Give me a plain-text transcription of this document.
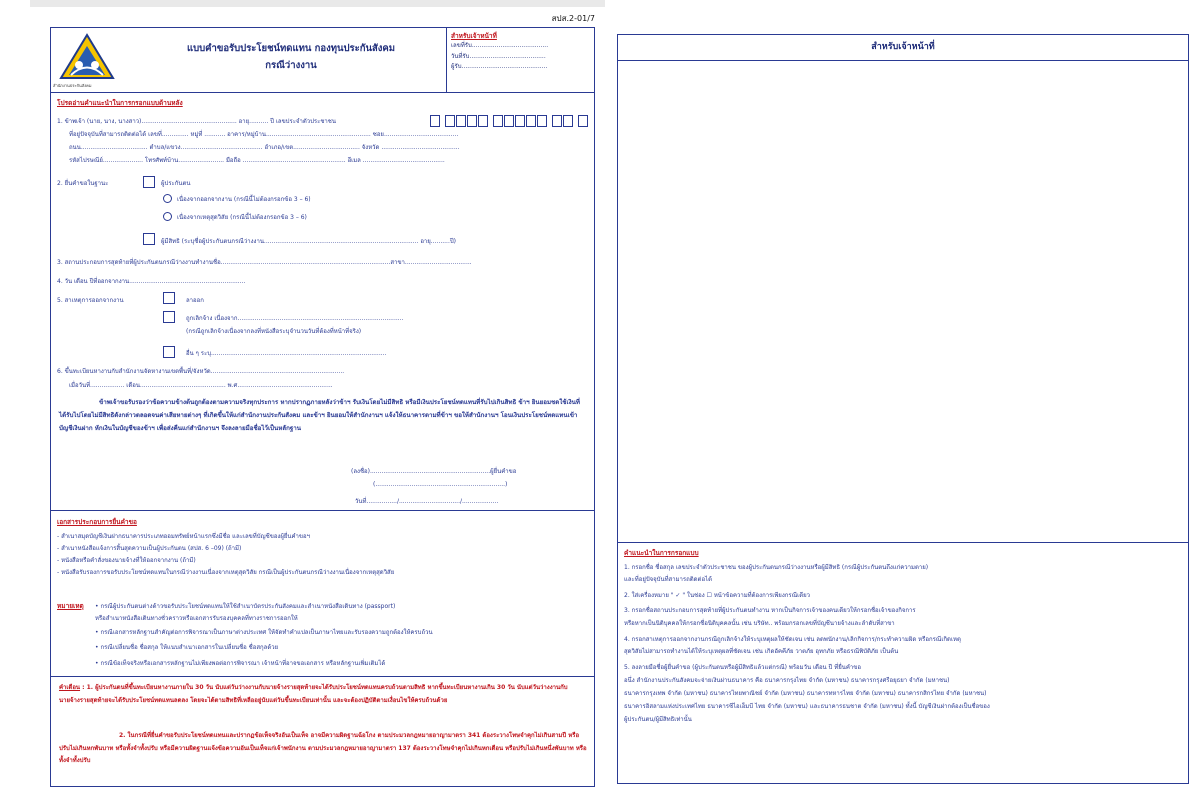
สปส.2-01/7
สำนักงานประกันสังคม
แบบคำขอรับประโยชน์ทดแทน กองทุนประกันสังคม
กรณีว่างงาน
สำหรับเจ้าหน้าที่
เลขที่รับ........................................
วันที่รับ........................................
ผู้รับ.............................................
โปรดอ่านคำแนะนำในการกรอกแบบด้านหลัง
1. ข้าพเจ้า (นาย, นาง, นางสาว).................................................. อายุ.......... ปี เลขประจำตัวประชาชน
ที่อยู่ปัจจุบันที่สามารถติดต่อได้ เลขที่.............. หมู่ที่ ........... อาคาร/หมู่บ้าน....................................................... ซอย.......................................
ถนน................................... ตำบล/แขวง........................................... อำเภอ/เขต................................... จังหวัด .........................................
รหัสไปรษณีย์..................... โทรศัพท์บ้าน........................ มือถือ ...................................................... อีเมล ...........................................
2. ยื่นคำขอในฐานะ	ผู้ประกันตน
เนื่องจากออกจากงาน (กรณีนี้ไม่ต้องกรอกข้อ 3 – 6)
เนื่องจากเหตุสุดวิสัย (กรณีนี้ไม่ต้องกรอกข้อ 3 – 6)
ผู้มีสิทธิ (ระบุชื่อผู้ประกันตนกรณีว่างงาน................................................................................. อายุ..........ปี)
3. สถานประกอบการสุดท้ายที่ผู้ประกันตนกรณีว่างงานทำงานชื่อ.........................................................................................สาขา...................................
4. วัน เดือน ปีที่ออกจากงาน.............................................................
5. สาเหตุการออกจากงาน	ลาออก
ถูกเลิกจ้าง เนื่องจาก.......................................................................................
(กรณีถูกเลิกจ้างเนื่องจากลงที่หนังสือระบุจำนวนวันที่ต้องที่หน้าที่จริง)
อื่น ๆ ระบุ............................................................................................
6. ขึ้นทะเบียนหางานกับสำนักงานจัดหางานเขตพื้นที่/จังหวัด......................................................................
เมื่อวันที่.................. เดือน............................................. พ.ศ..................................................
ข้าพเจ้าขอรับรองว่าข้อความข้างต้นถูกต้องตามความจริงทุกประการ หากปรากฏภายหลังว่าข้าฯ รับเงินโดยไม่มีสิทธิ หรือมีเงินประโยชน์ทดแทนที่รับไปเกินสิทธิ ข้าฯ ยินยอมชดใช้เงินที่ได้รับไปโดยไม่มีสิทธิดังกล่าวตลอดจนค่าเสียหายต่างๆ ที่เกิดขึ้นให้แก่สำนักงานประกันสังคม และข้าฯ ยินยอมให้สำนักงานฯ แจ้งให้ธนาคารตามที่ข้าฯ ขอให้สำนักงานฯ โอนเงินประโยชน์ทดแทนเข้าบัญชีเงินฝาก หักเงินในบัญชีของข้าฯ เพื่อส่งคืนแก่สำนักงานฯ จึงลงลายมือชื่อไว้เป็นหลักฐาน
(ลงชื่อ)...............................................................ผู้ยื่นคำขอ
(....................................................................)
วันที่................/................................/...................
เอกสารประกอบการยื่นคำขอ
- สำเนาสมุดบัญชีเงินฝากธนาคารประเภทออมทรัพย์หน้าแรกซึ่งมีชื่อ และเลขที่บัญชีของผู้ยื่นคำขอฯ
- สำเนาหนังสือแจ้งการสิ้นสุดความเป็นผู้ประกันตน (สปส. 6 –09) (ถ้ามี)
- หนังสือหรือคำสั่งของนายจ้างที่ให้ออกจากงาน (ถ้ามี)
- หนังสือรับรองการขอรับประโยชน์ทดแทนในกรณีว่างงานเนื่องจากเหตุสุดวิสัย กรณีเป็นผู้ประกันตนกรณีว่างงานเนื่องจากเหตุสุดวิสัย
หมายเหตุ • กรณีผู้ประกันตนต่างด้าวขอรับประโยชน์ทดแทนให้ใช้สำเนาบัตรประกันสังคมและสำเนาหนังสือเดินทาง (passport)
หรือสำเนาหนังสือเดินทางชั่วคราวหรือเอกสารรับรองบุคคลที่ทางราชการออกให้
• กรณีเอกสารหลักฐานสำคัญต่อการพิจารณาเป็นภาษาต่างประเทศ ให้จัดทำคำแปลเป็นภาษาไทยและรับรองความถูกต้องให้ครบถ้วน
• กรณีเปลี่ยนชื่อ ชื่อสกุล ให้แนบสำเนาเอกสารในเปลี่ยนชื่อ ชื่อสกุลด้วย
• กรณีข้อเท็จจริงหรือเอกสารหลักฐานไม่เพียงพอต่อการพิจารณา เจ้าหน้าที่อาจขอเอกสาร หรือหลักฐานเพิ่มเติมได้
คำเตือน : 1. ผู้ประกันตนที่ขึ้นทะเบียนหางานภายใน 30 วัน นับแต่วันว่างงานกับนายจ้างรายสุดท้ายจะได้รับประโยชน์ทดแทนครบถ้วนตามสิทธิ หากขึ้นทะเบียนหางานเกิน 30 วัน นับแต่วันว่างงานกับนายจ้างรายสุดท้ายจะได้รับประโยชน์ทดแทนลดลง โดยจะได้ตามสิทธิที่เหลืออยู่นับแต่วันขึ้นทะเบียนเท่านั้น และจะต้องปฏิบัติตามเงื่อนไขให้ครบถ้วนด้วย
2. ในกรณีที่ยื่นคำขอรับประโยชน์ทดแทนและปรากฏข้อเท็จจริงอันเป็นเท็จ อาจมีความผิดฐานฉ้อโกง ตามประมวลกฎหมายอาญามาตรา 341 ต้องระวางโทษจำคุกไม่เกินสามปี หรือปรับไม่เกินหกพันบาท หรือทั้งจำทั้งปรับ หรือมีความผิดฐานแจ้งข้อความอันเป็นเท็จแก่เจ้าพนักงาน ตามประมวลกฎหมายอาญามาตรา 137 ต้องระวางโทษจำคุกไม่เกินหกเดือน หรือปรับไม่เกินหนึ่งพันบาท หรือทั้งจำทั้งปรับ
สำหรับเจ้าหน้าที่
คำแนะนำในการกรอกแบบ
1. กรอกชื่อ ชื่อสกุล เลขประจำตัวประชาชน ของผู้ประกันตนกรณีว่างงานหรือผู้มีสิทธิ (กรณีผู้ประกันตนถึงแก่ความตาย)
และที่อยู่ปัจจุบันที่สามารถติดต่อได้
2. ใส่เครื่องหมาย " ✓ " ในช่อง ☐ หน้าข้อความที่ต้องการเพียงกรณีเดียว
3. กรอกชื่อสถานประกอบการสุดท้ายที่ผู้ประกันตนทำงาน หากเป็นกิจการเจ้าของคนเดียวให้กรอกชื่อเจ้าของกิจการ
หรือหากเป็นนิติบุคคลให้กรอกชื่อนิติบุคคลนั้น เช่น บริษัท.. พร้อมกรอกเลขที่บัญชีนายจ้างและลำดับที่สาขา
4. กรอกสาเหตุการออกจากงานกรณีถูกเลิกจ้างให้ระบุเหตุผลให้ชัดเจน เช่น ลดพนักงาน/เลิกกิจการ/กระทำความผิด หรือกรณีเกิดเหตุ
สุดวิสัยไม่สามารถทำงานได้ให้ระบุเหตุผลที่ชัดเจน เช่น เกิดอัคคีภัย วาตภัย อุทกภัย หรือธรณีพิบัติภัย เป็นต้น
5. ลงลายมือชื่อผู้ยื่นคำขอ (ผู้ประกันตนหรือผู้มีสิทธิแล้วแต่กรณี) พร้อมวัน เดือน ปี ที่ยื่นคำขอ
อนึ่ง สำนักงานประกันสังคมจะจ่ายเงินผ่านธนาคาร คือ ธนาคารกรุงไทย จำกัด (มหาชน) ธนาคารกรุงศรีอยุธยา จำกัด (มหาชน)
ธนาคารกรุงเทพ จำกัด (มหาชน) ธนาคารไทยพาณิชย์ จำกัด (มหาชน) ธนาคารทหารไทย จำกัด (มหาชน) ธนาคารกสิกรไทย จำกัด (มหาชน)
ธนาคารอิสลามแห่งประเทศไทย ธนาคารซีไอเอ็มบี ไทย จำกัด (มหาชน) และธนาคารธนชาต จำกัด (มหาชน) ทั้งนี้ บัญชีเงินฝากต้องเป็นชื่อของ
ผู้ประกันตน/ผู้มีสิทธิเท่านั้น
